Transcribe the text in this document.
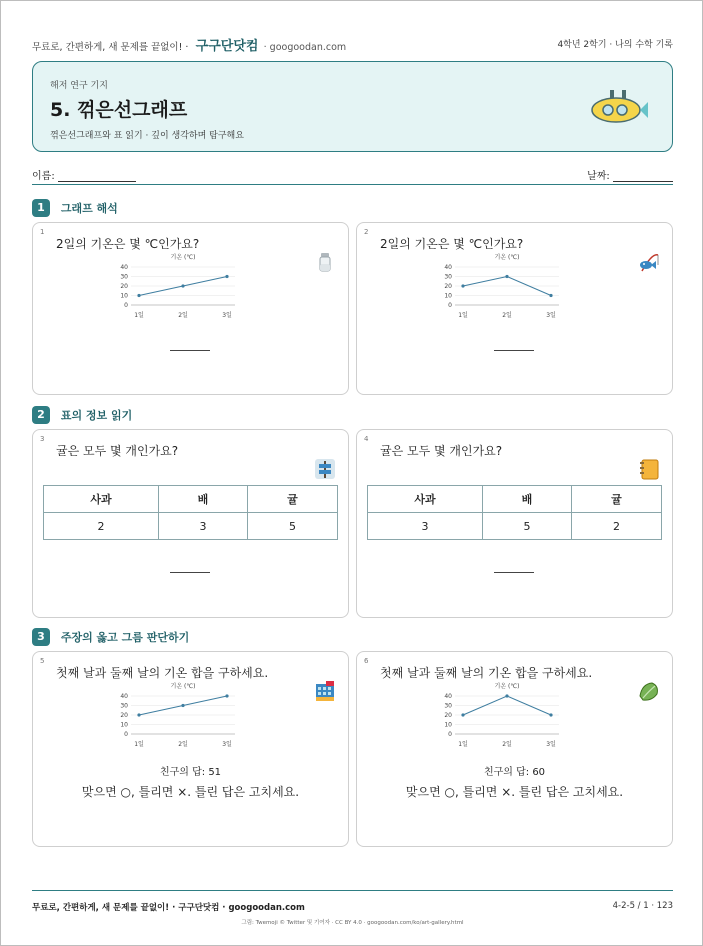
무료로, 간편하게, 새 문제를 끝없이! · 구구단닷컴 · googoodan.com	4학년 2학기 · 나의 수학 기록
해저 연구 기지
5. 꺾은선그래프
꺾은선그래프와 표 읽기 · 깊이 생각하며 탐구해요
이름:	날짜:
1 그래프 해석
1
2일의 기온은 몇 ℃인가요?
기온 (℃)
0
10
20
30
40
1일	2일	3일
2
2일의 기온은 몇 ℃인가요?
기온 (℃)
0
10
20
30
40
1일	2일	3일
2 표의 정보 읽기
3
귤은 모두 몇 개인가요?
사과	배	귤
2	3	5
4
귤은 모두 몇 개인가요?
사과	배	귤
3	5	2
3 주장의 옳고 그름 판단하기
5
첫째 날과 둘째 날의 기온 합을 구하세요.
기온 (℃)
0
10
20
30
40
1일	2일	3일
친구의 답: 51
맞으면 ○, 틀리면 ×. 틀린 답은 고치세요.
6
첫째 날과 둘째 날의 기온 합을 구하세요.
기온 (℃)
0
10
20
30
40
1일	2일	3일
친구의 답: 60
맞으면 ○, 틀리면 ×. 틀린 답은 고치세요.
무료로, 간편하게, 새 문제를 끝없이! · 구구단닷컴 · googoodan.com	4-2-5 / 1 · 123
그림: Twemoji © Twitter 및 기여자 · CC BY 4.0 · googoodan.com/ko/art-gallery.html
